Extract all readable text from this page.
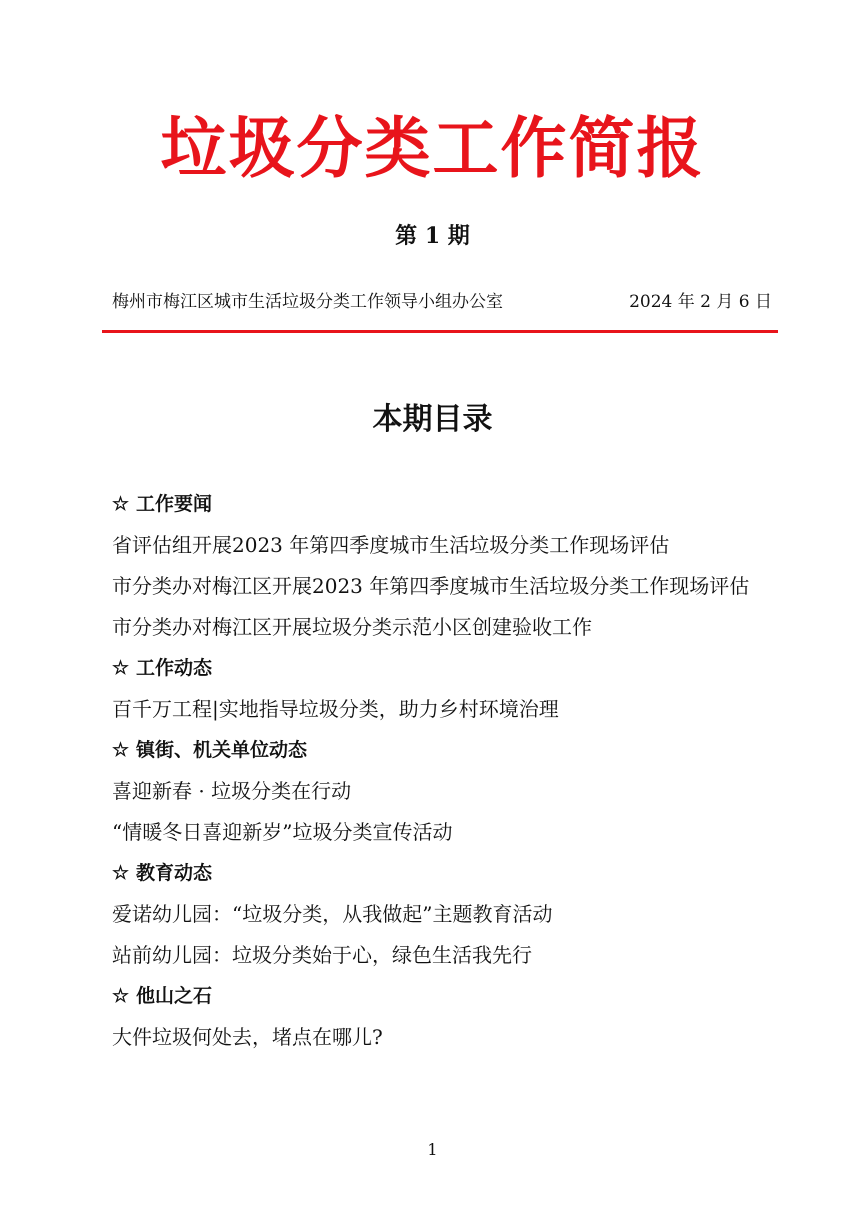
垃圾分类工作简报
第 1 期
梅州市梅江区城市生活垃圾分类工作领导小组办公室	2024 年 2 月 6 日
本期目录
☆ 工作要闻
省评估组开展2023 年第四季度城市生活垃圾分类工作现场评估
市分类办对梅江区开展2023 年第四季度城市生活垃圾分类工作现场评估
市分类办对梅江区开展垃圾分类示范小区创建验收工作
☆ 工作动态
百千万工程|实地指导垃圾分类，助力乡村环境治理
☆ 镇街、机关单位动态
喜迎新春 · 垃圾分类在行动
“情暖冬日喜迎新岁”垃圾分类宣传活动
☆ 教育动态
爱诺幼儿园：“垃圾分类，从我做起”主题教育活动
站前幼儿园：垃圾分类始于心，绿色生活我先行
☆ 他山之石
大件垃圾何处去，堵点在哪儿?
1
